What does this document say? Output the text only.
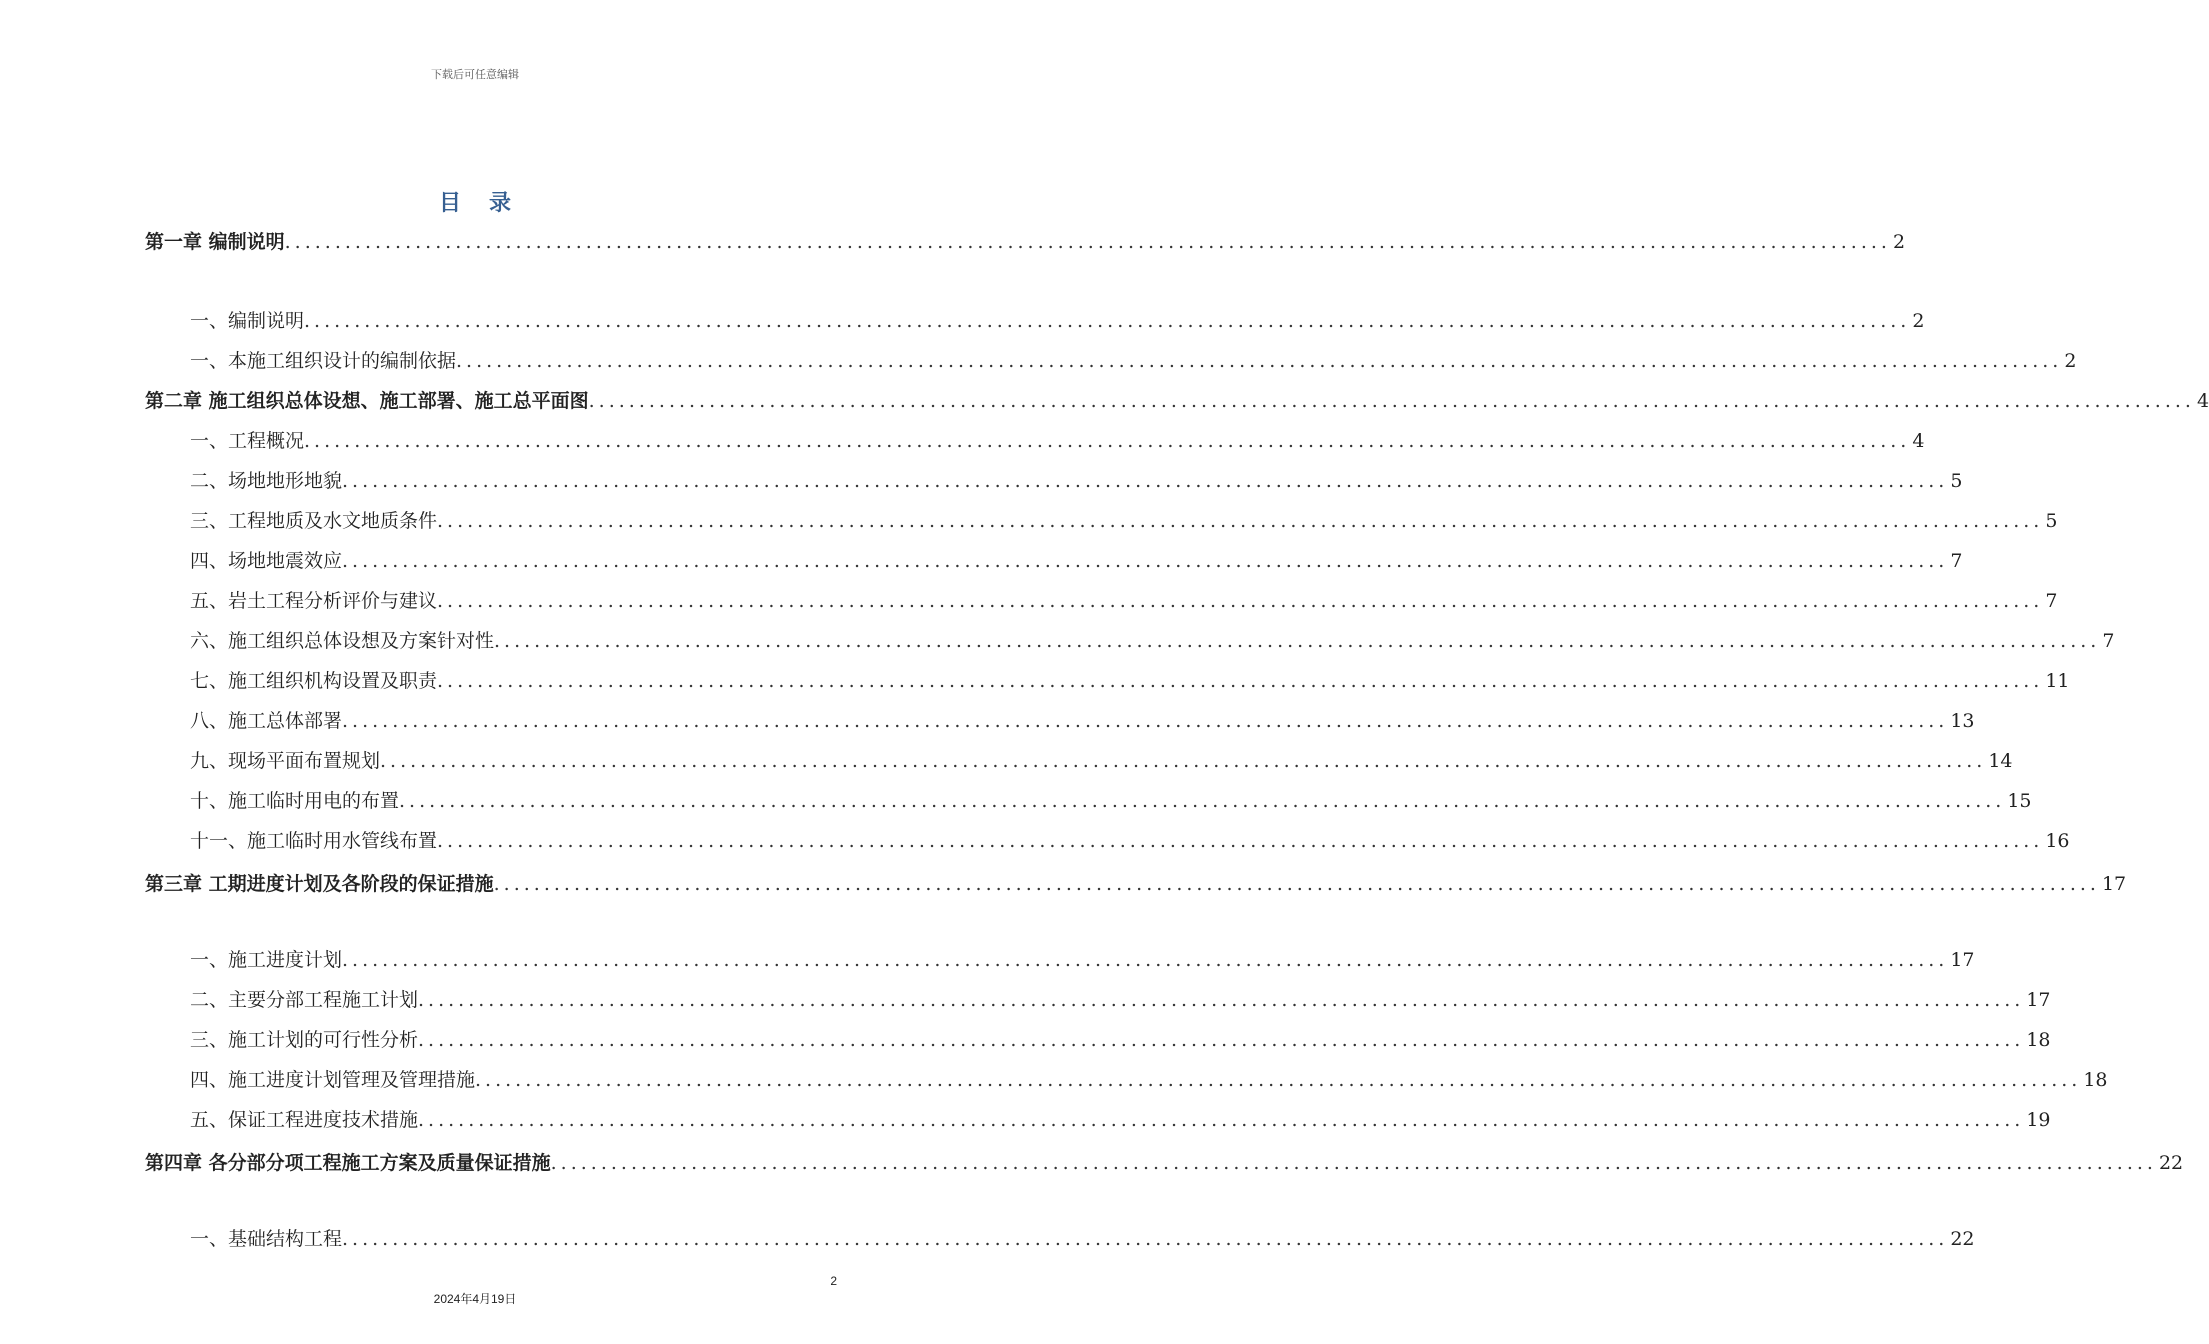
下载后可任意编辑
目录
第一章 编制说明 ................................................................................................................................................................ 2
一、编制说明 ................................................................................................................................................................ 2
一、本施工组织设计的编制依据 ................................................................................................................................................................ 2
第二章 施工组织总体设想、施工部署、施工总平面图 ................................................................................................................................................................ 4
一、工程概况 ................................................................................................................................................................ 4
二、场地地形地貌 ................................................................................................................................................................ 5
三、工程地质及水文地质条件 ................................................................................................................................................................ 5
四、场地地震效应 ................................................................................................................................................................ 7
五、岩土工程分析评价与建议 ................................................................................................................................................................ 7
六、施工组织总体设想及方案针对性 ................................................................................................................................................................ 7
七、施工组织机构设置及职责 ................................................................................................................................................................ 11
八、施工总体部署 ................................................................................................................................................................ 13
九、现场平面布置规划 ................................................................................................................................................................ 14
十、施工临时用电的布置 ................................................................................................................................................................ 15
十一、施工临时用水管线布置 ................................................................................................................................................................ 16
第三章 工期进度计划及各阶段的保证措施 ................................................................................................................................................................ 17
一、施工进度计划 ................................................................................................................................................................ 17
二、主要分部工程施工计划 ................................................................................................................................................................ 17
三、施工计划的可行性分析 ................................................................................................................................................................ 18
四、施工进度计划管理及管理措施 ................................................................................................................................................................ 18
五、保证工程进度技术措施 ................................................................................................................................................................ 19
第四章 各分部分项工程施工方案及质量保证措施 ................................................................................................................................................................ 22
一、基础结构工程 ................................................................................................................................................................ 22
2
2024年4月19日
